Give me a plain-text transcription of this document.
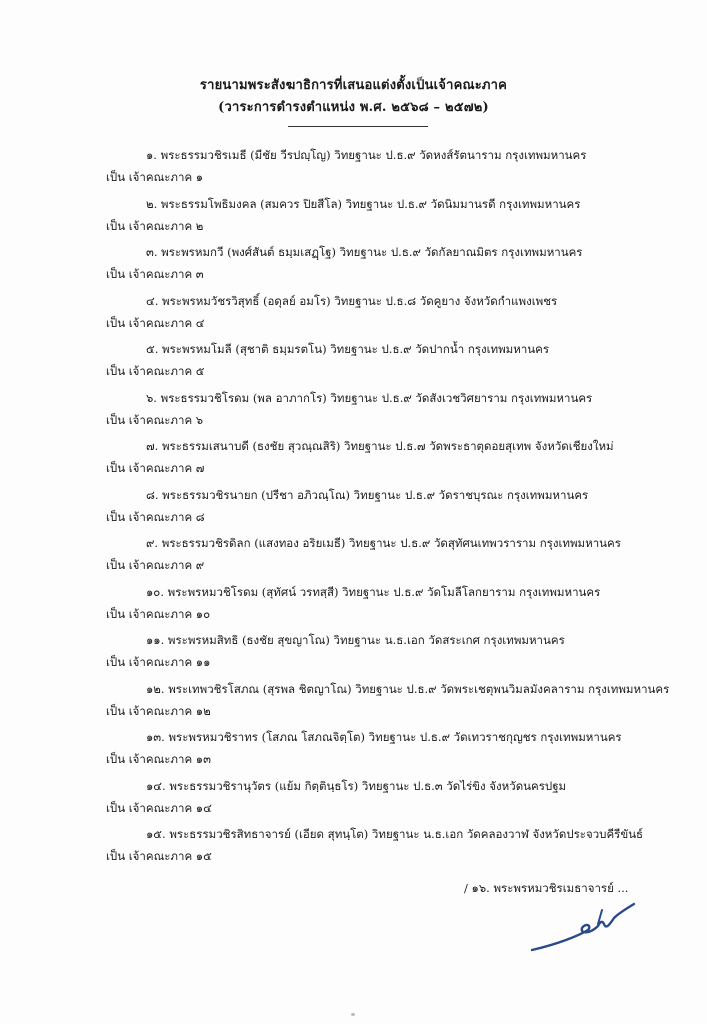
รายนามพระสังฆาธิการที่เสนอแต่งตั้งเป็นเจ้าคณะภาค
(วาระการดำรงตำแหน่ง พ.ศ. ๒๕๖๘ – ๒๕๗๒)
๑. พระธรรมวชิรเมธี (มีชัย วีรปญฺโญ) วิทยฐานะ ป.ธ.๙ วัดหงส์รัตนาราม กรุงเทพมหานคร
เป็น เจ้าคณะภาค ๑
๒. พระธรรมโพธิมงคล (สมควร ปิยสีโล) วิทยฐานะ ป.ธ.๙ วัดนิมมานรดี กรุงเทพมหานคร
เป็น เจ้าคณะภาค ๒
๓. พระพรหมกวี (พงศ์สันต์ ธมฺมเสฏฺโฐ) วิทยฐานะ ป.ธ.๙ วัดกัลยาณมิตร กรุงเทพมหานคร
เป็น เจ้าคณะภาค ๓
๔. พระพรหมวัชรวิสุทธิ์ (อดุลย์ อมโร) วิทยฐานะ ป.ธ.๘ วัดคูยาง จังหวัดกำแพงเพชร
เป็น เจ้าคณะภาค ๔
๕. พระพรหมโมลี (สุชาติ ธมฺมรตโน) วิทยฐานะ ป.ธ.๙ วัดปากน้ำ กรุงเทพมหานคร
เป็น เจ้าคณะภาค ๕
๖. พระธรรมวชิโรดม (พล อาภากโร) วิทยฐานะ ป.ธ.๙ วัดสังเวชวิศยาราม กรุงเทพมหานคร
เป็น เจ้าคณะภาค ๖
๗. พระธรรมเสนาบดี (ธงชัย สุวณฺณสิริ) วิทยฐานะ ป.ธ.๗ วัดพระธาตุดอยสุเทพ จังหวัดเชียงใหม่
เป็น เจ้าคณะภาค ๗
๘. พระธรรมวชิรนายก (ปรีชา อภิวณฺโณ) วิทยฐานะ ป.ธ.๙ วัดราชบุรณะ กรุงเทพมหานคร
เป็น เจ้าคณะภาค ๘
๙. พระธรรมวชิรดิลก (แสงทอง อริยเมธี) วิทยฐานะ ป.ธ.๙ วัดสุทัศนเทพวราราม กรุงเทพมหานคร
เป็น เจ้าคณะภาค ๙
๑๐. พระพรหมวชิโรดม (สุทัศน์ วรทสฺสี) วิทยฐานะ ป.ธ.๙ วัดโมลีโลกยาราม กรุงเทพมหานคร
เป็น เจ้าคณะภาค ๑๐
๑๑. พระพรหมสิทธิ (ธงชัย สุขญาโณ) วิทยฐานะ น.ธ.เอก วัดสระเกศ กรุงเทพมหานคร
เป็น เจ้าคณะภาค ๑๑
๑๒. พระเทพวชิรโสภณ (สุรพล ชิตญาโณ) วิทยฐานะ ป.ธ.๙ วัดพระเชตุพนวิมลมังคลาราม กรุงเทพมหานคร
เป็น เจ้าคณะภาค ๑๒
๑๓. พระพรหมวชิราทร (โสภณ โสภณจิตฺโต) วิทยฐานะ ป.ธ.๙ วัดเทวราชกุญชร กรุงเทพมหานคร
เป็น เจ้าคณะภาค ๑๓
๑๔. พระธรรมวชิรานุวัตร (แย้ม กิตฺตินฺธโร) วิทยฐานะ ป.ธ.๓ วัดไร่ขิง จังหวัดนครปฐม
เป็น เจ้าคณะภาค ๑๔
๑๕. พระธรรมวชิรสิทธาจารย์ (เอียด สุทนฺโต) วิทยฐานะ น.ธ.เอก วัดคลองวาฬ จังหวัดประจวบคีรีขันธ์
เป็น เจ้าคณะภาค ๑๕
/ ๑๖. พระพรหมวชิรเมธาจารย์ ...
